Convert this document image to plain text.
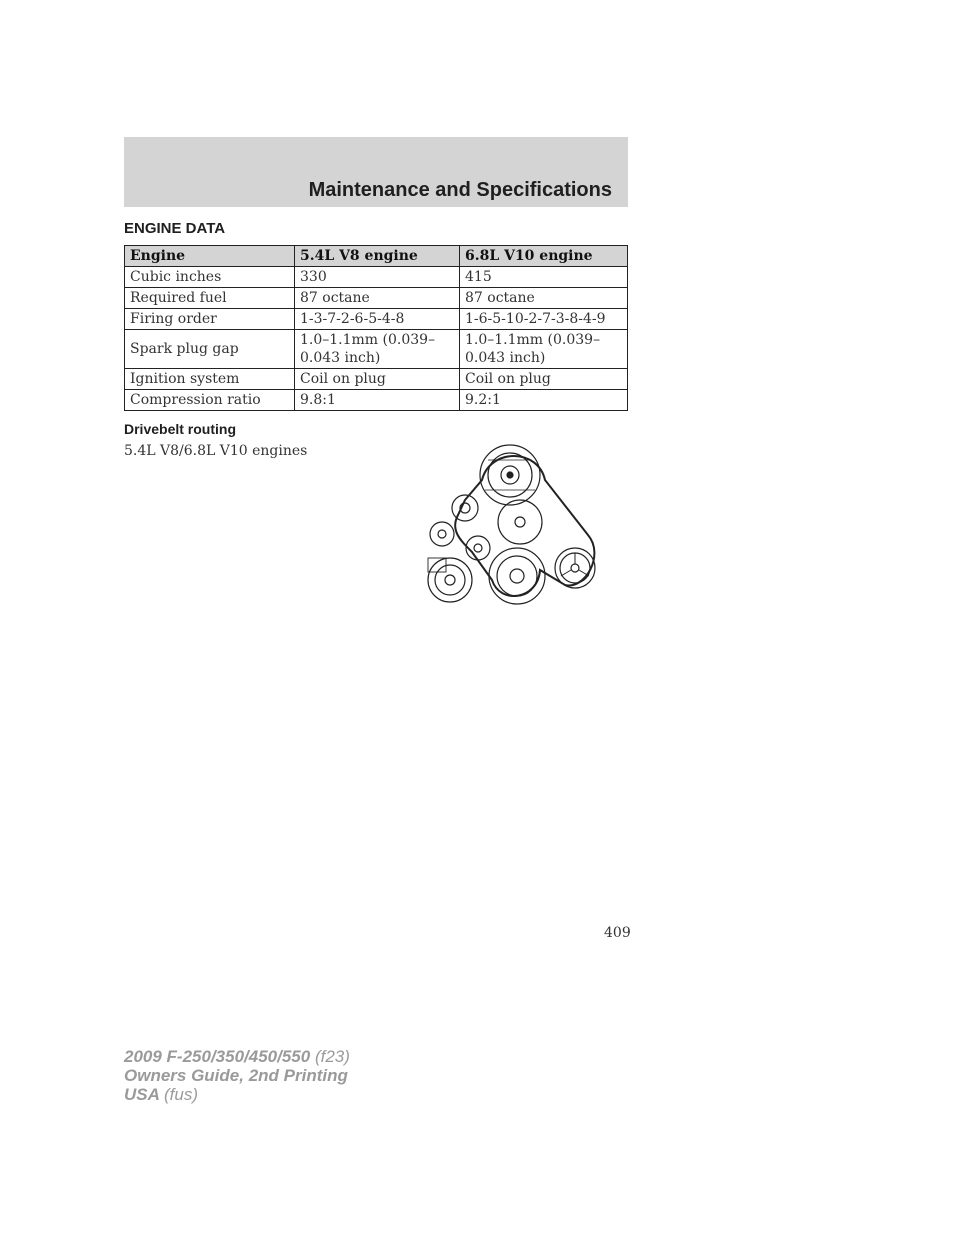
Maintenance and Specifications
ENGINE DATA
Engine	5.4L V8 engine	6.8L V10 engine
Cubic inches	330	415
Required fuel	87 octane	87 octane
Firing order	1-3-7-2-6-5-4-8	1-6-5-10-2-7-3-8-4-9
Spark plug gap	1.0–1.1mm (0.039–0.043 inch)	1.0–1.1mm (0.039–0.043 inch)
Ignition system	Coil on plug	Coil on plug
Compression ratio	9.8:1	9.2:1
Drivebelt routing
5.4L V8/6.8L V10 engines
409
2009 F-250/350/450/550 (f23)
Owners Guide, 2nd Printing
USA (fus)
